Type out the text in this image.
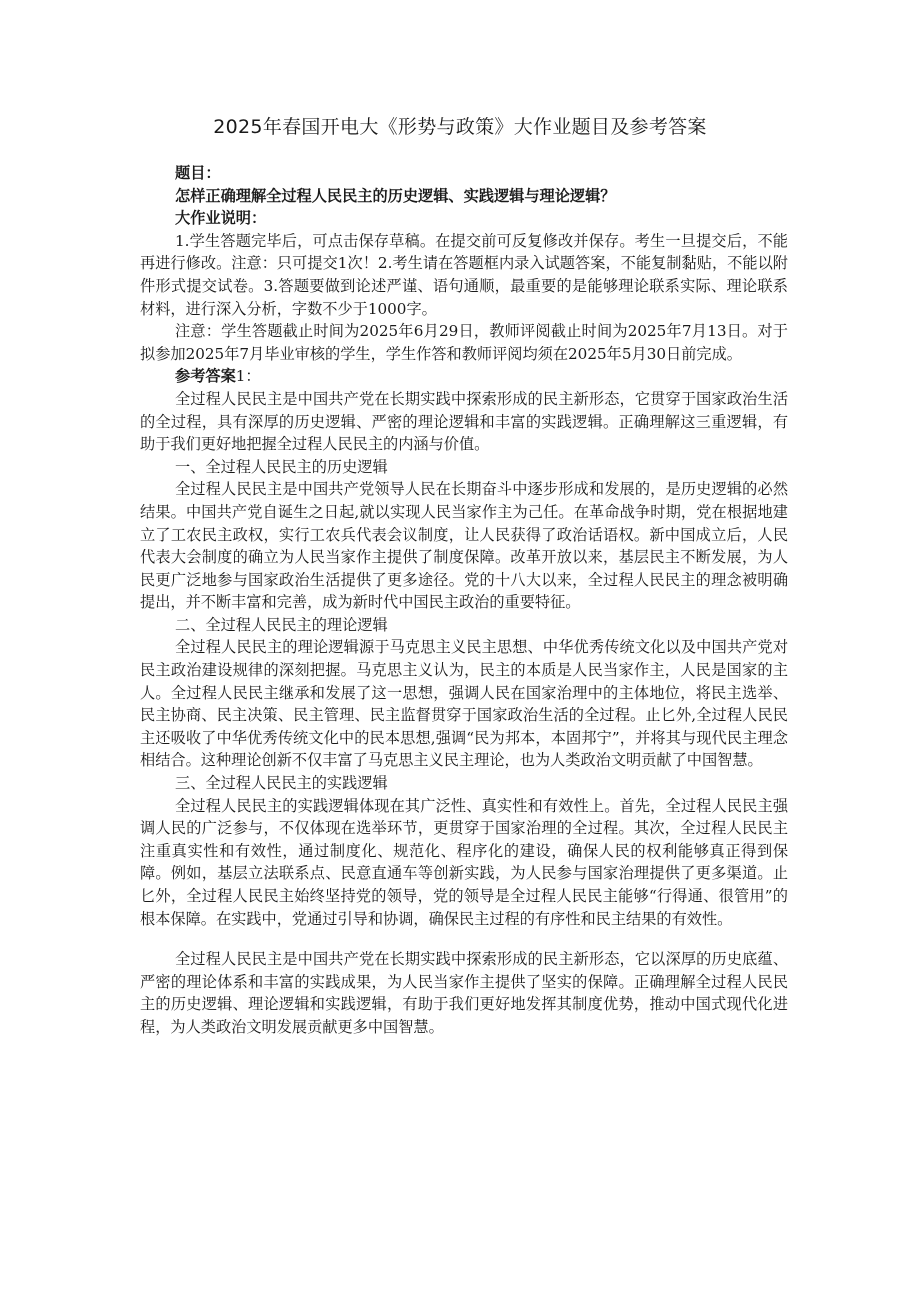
2025年春国开电大《形势与政策》大作业题目及参考答案

题目：

怎样正确理解全过程人民民主的历史逻辑、实践逻辑与理论逻辑？

大作业说明：

1.学生答题完毕后，可点击保存草稿。在提交前可反复修改并保存。考生一旦提交后，不能再进行修改。注意：只可提交1次！2.考生请在答题框内录入试题答案，不能复制黏贴，不能以附件形式提交试卷。3.答题要做到论述严谨、语句通顺，最重要的是能够理论联系实际、理论联系材料，进行深入分析，字数不少于1000字。

注意：学生答题截止时间为2025年6月29日，教师评阅截止时间为2025年7月13日。对于拟参加2025年7月毕业审核的学生，学生作答和教师评阅均须在2025年5月30日前完成。

参考答案1：

全过程人民民主是中国共产党在长期实践中探索形成的民主新形态，它贯穿于国家政治生活的全过程，具有深厚的历史逻辑、严密的理论逻辑和丰富的实践逻辑。正确理解这三重逻辑，有助于我们更好地把握全过程人民民主的内涵与价值。

一、全过程人民民主的历史逻辑

全过程人民民主是中国共产党领导人民在长期奋斗中逐步形成和发展的，是历史逻辑的必然结果。中国共产党自诞生之日起,就以实现人民当家作主为己任。在革命战争时期，党在根据地建立了工农民主政权，实行工农兵代表会议制度，让人民获得了政治话语权。新中国成立后，人民代表大会制度的确立为人民当家作主提供了制度保障。改革开放以来，基层民主不断发展，为人民更广泛地参与国家政治生活提供了更多途径。党的十八大以来，全过程人民民主的理念被明确提出，并不断丰富和完善，成为新时代中国民主政治的重要特征。

二、全过程人民民主的理论逻辑

全过程人民民主的理论逻辑源于马克思主义民主思想、中华优秀传统文化以及中国共产党对民主政治建设规律的深刻把握。马克思主义认为，民主的本质是人民当家作主，人民是国家的主人。全过程人民民主继承和发展了这一思想，强调人民在国家治理中的主体地位，将民主选举、民主协商、民主决策、民主管理、民主监督贯穿于国家政治生活的全过程。止匕外,全过程人民民主还吸收了中华优秀传统文化中的民本思想,强调“民为邦本，本固邦宁”，并将其与现代民主理念相结合。这种理论创新不仅丰富了马克思主义民主理论，也为人类政治文明贡献了中国智慧。

三、全过程人民民主的实践逻辑

全过程人民民主的实践逻辑体现在其广泛性、真实性和有效性上。首先，全过程人民民主强调人民的广泛参与，不仅体现在选举环节，更贯穿于国家治理的全过程。其次，全过程人民民主注重真实性和有效性，通过制度化、规范化、程序化的建设，确保人民的权利能够真正得到保障。例如，基层立法联系点、民意直通车等创新实践，为人民参与国家治理提供了更多渠道。止匕外，全过程人民民主始终坚持党的领导，党的领导是全过程人民民主能够“行得通、很管用”的根本保障。在实践中，党通过引导和协调，确保民主过程的有序性和民主结果的有效性。

全过程人民民主是中国共产党在长期实践中探索形成的民主新形态，它以深厚的历史底蕴、严密的理论体系和丰富的实践成果，为人民当家作主提供了坚实的保障。正确理解全过程人民民主的历史逻辑、理论逻辑和实践逻辑，有助于我们更好地发挥其制度优势，推动中国式现代化进程，为人类政治文明发展贡献更多中国智慧。
